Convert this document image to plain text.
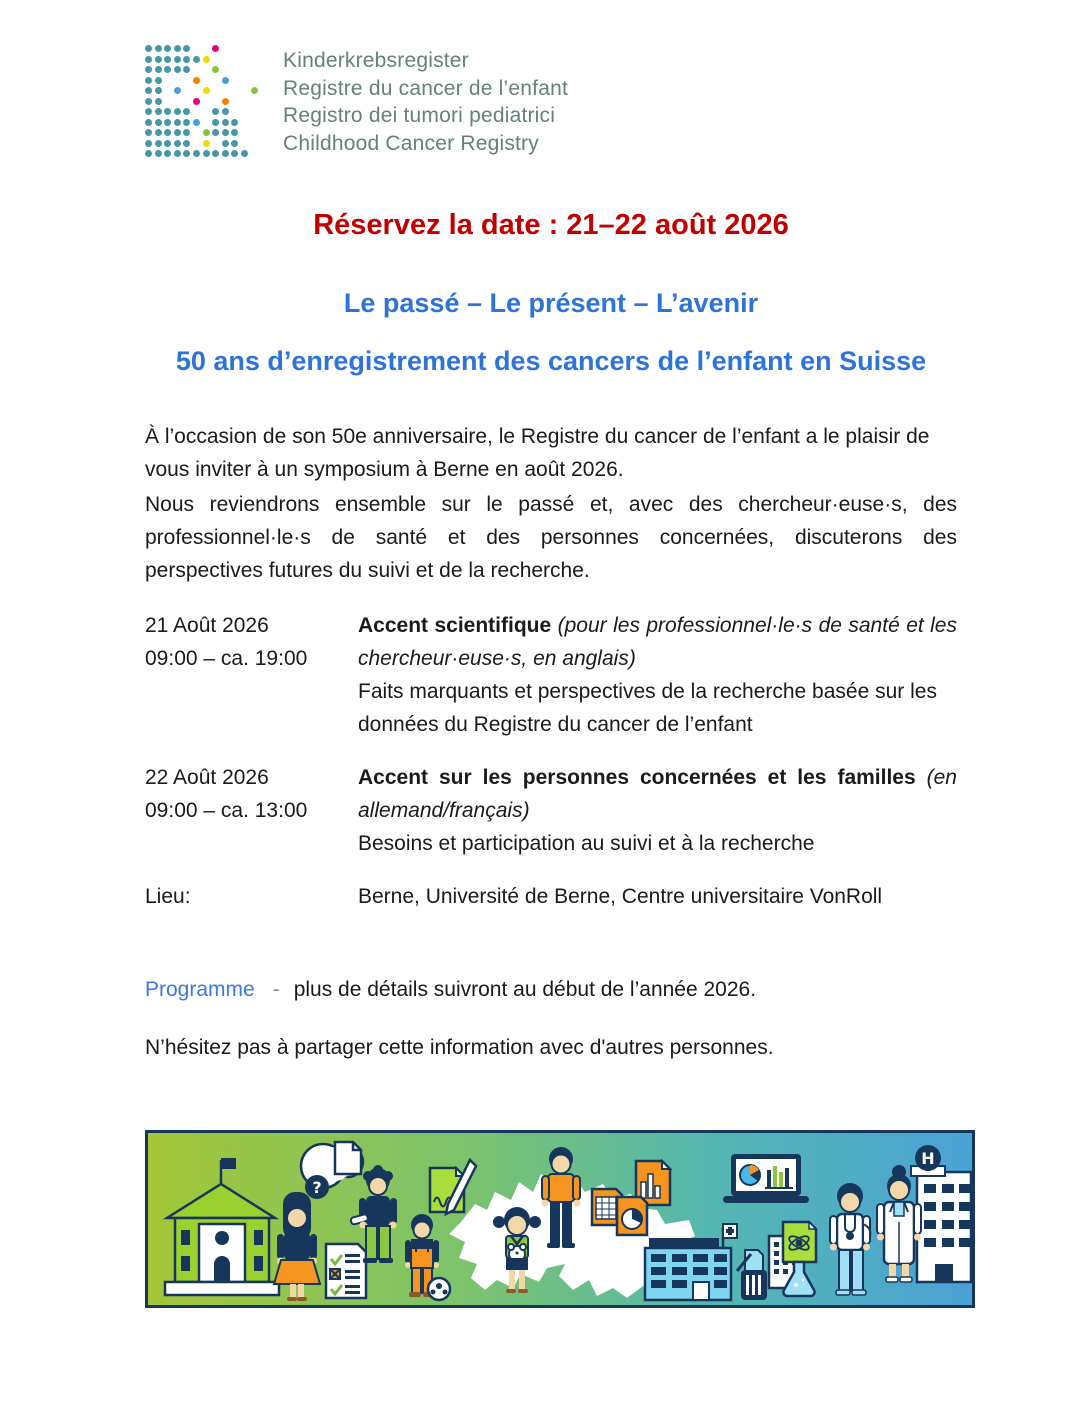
Kinderkrebsregister
Registre du cancer de l’enfant
Registro dei tumori pediatrici
Childhood Cancer Registry
Réservez la date : 21–22 août 2026
Le passé – Le présent – L’avenir
50 ans d’enregistrement des cancers de l’enfant en Suisse

À l’occasion de son 50e anniversaire, le Registre du cancer de l’enfant a le plaisir de vous inviter à un symposium à Berne en août 2026.

Nous reviendrons ensemble sur le passé et, avec des chercheur·euse·s, des professionnel·le·s de santé et des personnes concernées, discuterons des perspectives futures du suivi et de la recherche.

21 Août 2026
09:00 – ca. 19:00
Accent scientifique (pour les professionnel·le·s de santé et les chercheur·euse·s, en anglais)
Faits marquants et perspectives de la recherche basée sur les données du Registre du cancer de l’enfant
22 Août 2026
09:00 – ca. 13:00
Accent sur les personnes concernées et les familles (en allemand/français)
Besoins et participation au suivi et à la recherche
Lieu:	Berne, Université de Berne, Centre universitaire VonRoll

Programme - plus de détails suivront au début de l’année 2026.

N’hésitez pas à partager cette information avec d'autres personnes.

?
H
